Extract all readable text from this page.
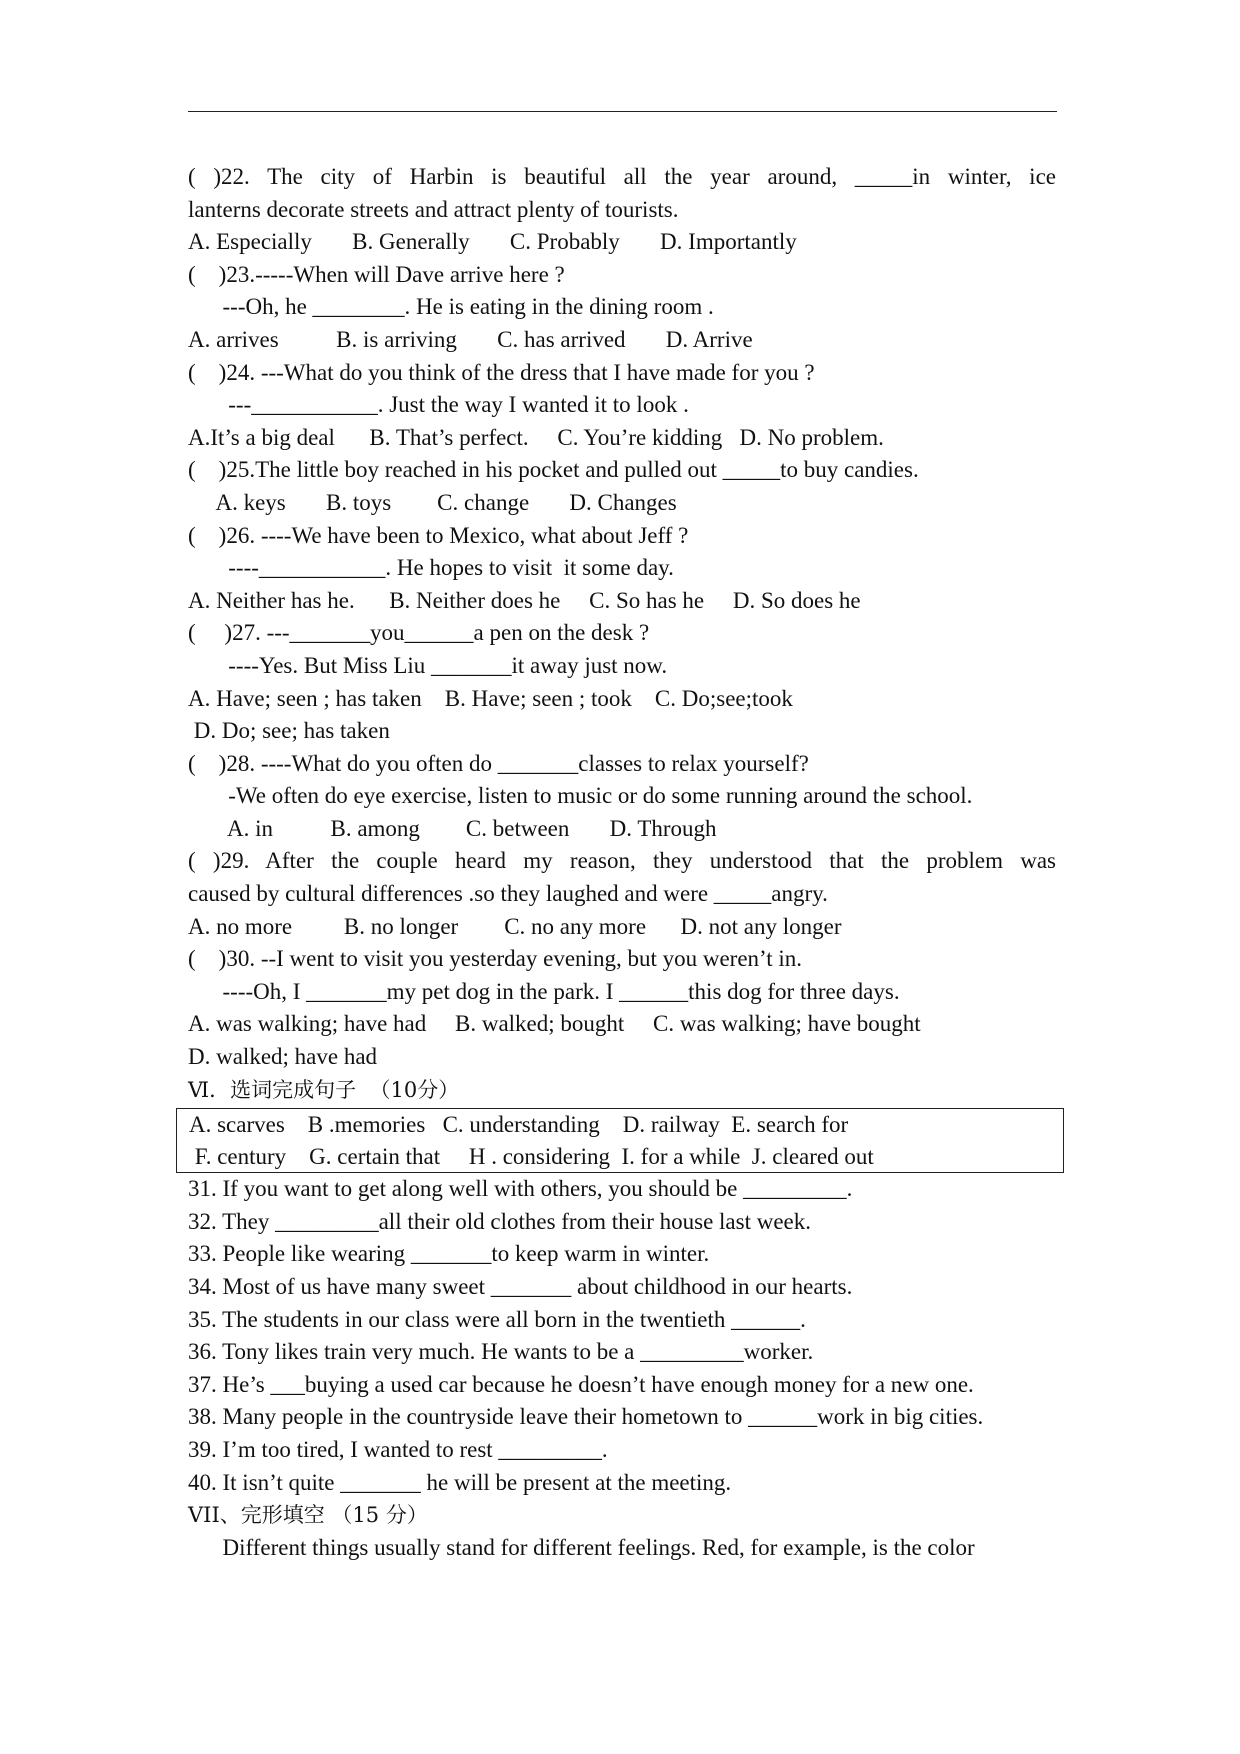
( )22. The city of Harbin is beautiful all the year around, _____in winter, ice
lanterns decorate streets and attract plenty of tourists.
A. Especially       B. Generally       C. Probably       D. Importantly
(    )23.-----When will Dave arrive here ?
---Oh, he ________. He is eating in the dining room .
A. arrives          B. is arriving       C. has arrived       D. Arrive
(    )24. ---What do you think of the dress that I have made for you ?
---___________. Just the way I wanted it to look .
A.It’s a big deal      B. That’s perfect.     C. You’re kidding   D. No problem.
(    )25.The little boy reached in his pocket and pulled out _____to buy candies.
A. keys       B. toys        C. change       D. Changes
(    )26. ----We have been to Mexico, what about Jeff ?
----___________. He hopes to visit  it some day.
A. Neither has he.      B. Neither does he     C. So has he     D. So does he
(     )27. ---_______you______a pen on the desk ?
----Yes. But Miss Liu _______it away just now.
A. Have; seen ; has taken    B. Have; seen ; took    C. Do;see;took
D. Do; see; has taken
(    )28. ----What do you often do _______classes to relax yourself?
-We often do eye exercise, listen to music or do some running around the school.
A. in          B. among        C. between       D. Through
( )29. After the couple heard my reason, they understood that the problem was
caused by cultural differences .so they laughed and were _____angry.
A. no more         B. no longer        C. no any more      D. not any longer
(    )30. --I went to visit you yesterday evening, but you weren’t in.
----Oh, I _______my pet dog in the park. I ______this dog for three days.
A. was walking; have had     B. walked; bought     C. was walking; have bought
D. walked; have had
Ⅵ．选词完成句子  （10分）
A. scarves    B .memories   C. understanding    D. railway  E. search for
F. century    G. certain that     H . considering  I. for a while  J. cleared out
31. If you want to get along well with others, you should be _________.
32. They _________all their old clothes from their house last week.
33. People like wearing _______to keep warm in winter.
34. Most of us have many sweet _______ about childhood in our hearts.
35. The students in our class were all born in the twentieth ______.
36. Tony likes train very much. He wants to be a _________worker.
37. He’s ___buying a used car because he doesn’t have enough money for a new one.
38. Many people in the countryside leave their hometown to ______work in big cities.
39. I’m too tired, I wanted to rest _________.
40. It isn’t quite _______ he will be present at the meeting.
VII、完形填空 （15 分）
Different things usually stand for different feelings. Red, for example, is the color
